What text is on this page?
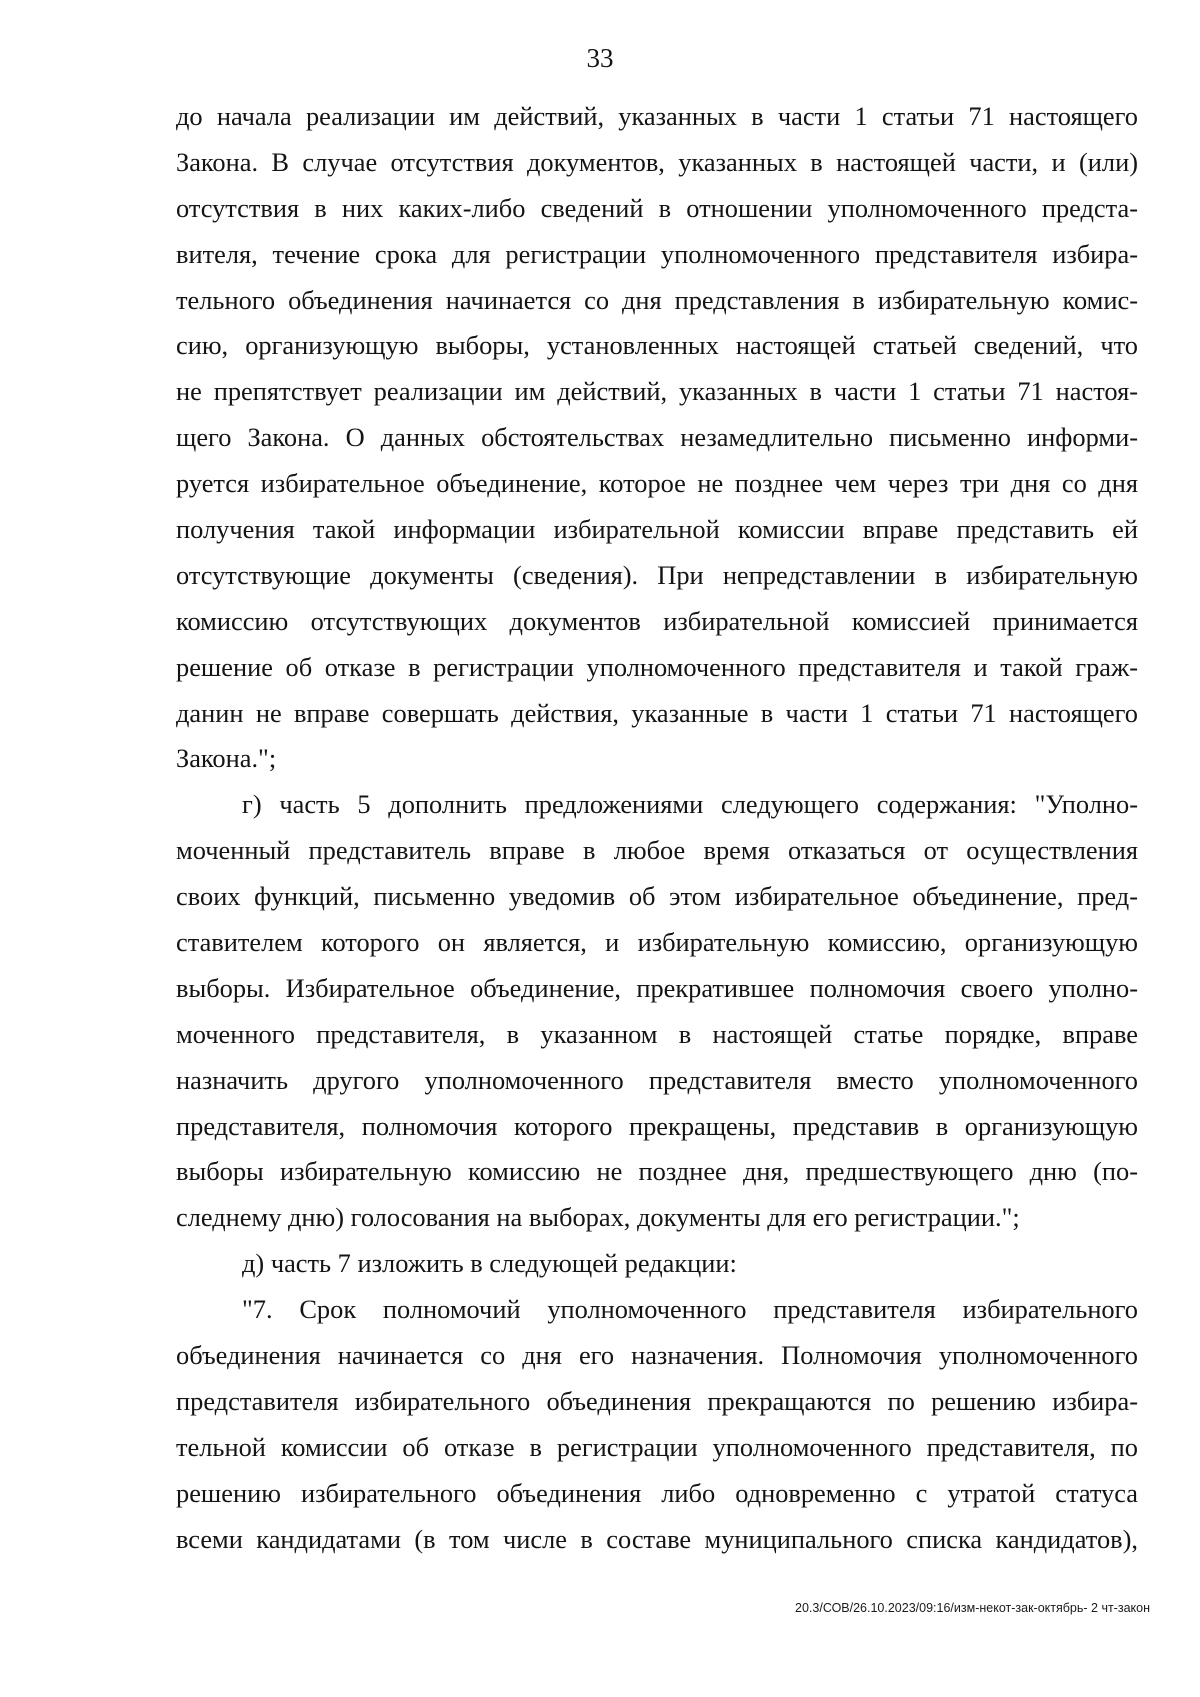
33
до начала реализации им действий, указанных в части 1 статьи 71 настоящего
Закона. В случае отсутствия документов, указанных в настоящей части, и (или)
отсутствия в них каких-либо сведений в отношении уполномоченного предста-
вителя, течение срока для регистрации уполномоченного представителя избира-
тельного объединения начинается со дня представления в избирательную комис-
сию, организующую выборы, установленных настоящей статьей сведений, что
не препятствует реализации им действий, указанных в части 1 статьи 71 настоя-
щего Закона. О данных обстоятельствах незамедлительно письменно информи-
руется избирательное объединение, которое не позднее чем через три дня со дня
получения такой информации избирательной комиссии вправе представить ей
отсутствующие документы (сведения). При непредставлении в избирательную
комиссию отсутствующих документов избирательной комиссией принимается
решение об отказе в регистрации уполномоченного представителя и такой граж-
данин не вправе совершать действия, указанные в части 1 статьи 71 настоящего
Закона.";
г) часть 5 дополнить предложениями следующего содержания: "Уполно-
моченный представитель вправе в любое время отказаться от осуществления
своих функций, письменно уведомив об этом избирательное объединение, пред-
ставителем которого он является, и избирательную комиссию, организующую
выборы. Избирательное объединение, прекратившее полномочия своего уполно-
моченного представителя, в указанном в настоящей статье порядке, вправе
назначить другого уполномоченного представителя вместо уполномоченного
представителя, полномочия которого прекращены, представив в организующую
выборы избирательную комиссию не позднее дня, предшествующего дню (по-
следнему дню) голосования на выборах, документы для его регистрации.";
д) часть 7 изложить в следующей редакции:
"7. Срок полномочий уполномоченного представителя избирательного
объединения начинается со дня его назначения. Полномочия уполномоченного
представителя избирательного объединения прекращаются по решению избира-
тельной комиссии об отказе в регистрации уполномоченного представителя, по
решению избирательного объединения либо одновременно с утратой статуса
всеми кандидатами (в том числе в составе муниципального списка кандидатов),
20.3/СОВ/26.10.2023/09:16/изм-некот-зак-октябрь- 2 чт-закон
